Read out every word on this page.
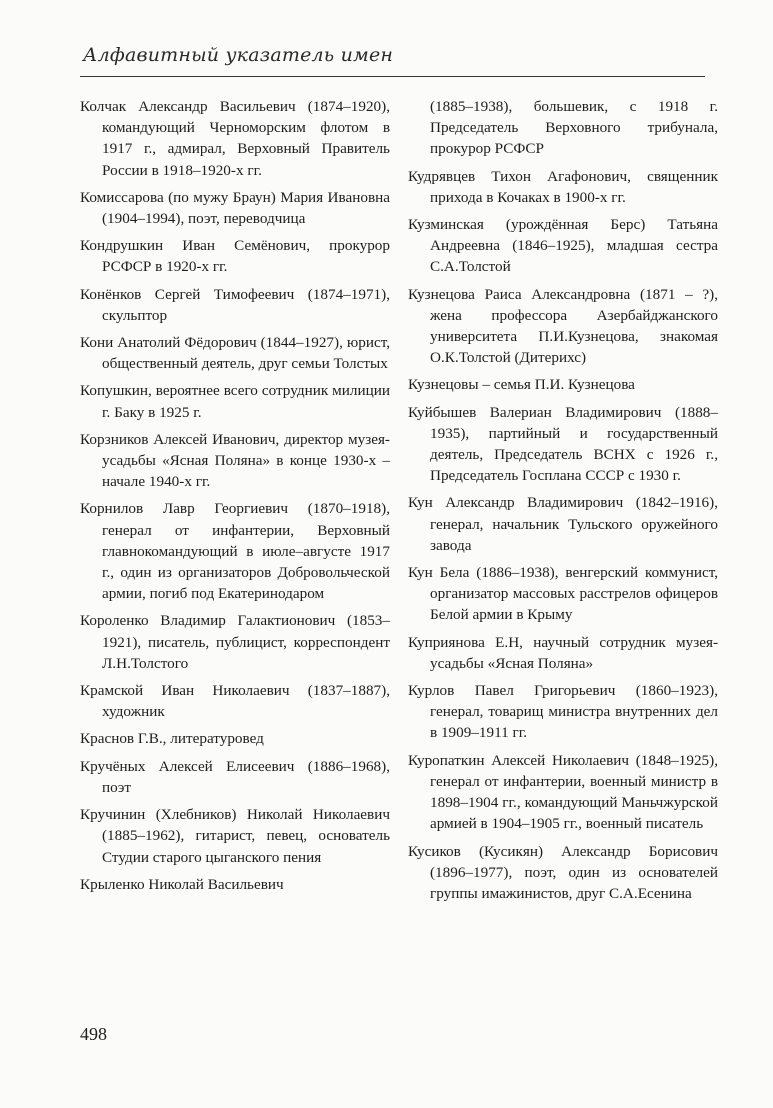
Алфавитный указатель имен

Колчак Александр Васильевич (1874–1920), командующий Черноморским флотом в 1917 г., адмирал, Верховный Правитель России в 1918–1920-х гг.

Комиссарова (по мужу Браун) Мария Ивановна (1904–1994), поэт, переводчица

Кондрушкин Иван Семёнович, прокурор РСФСР в 1920-х гг.

Конёнков Сергей Тимофеевич (1874–1971), скульптор

Кони Анатолий Фёдорович (1844–1927), юрист, общественный деятель, друг семьи Толстых

Копушкин, вероятнее всего сотрудник милиции г. Баку в 1925 г.

Корзников Алексей Иванович, директор музея-усадьбы «Ясная Поляна» в конце 1930-х – начале 1940-х гг.

Корнилов Лавр Георгиевич (1870–1918), генерал от инфантерии, Верховный главнокомандующий в июле–августе 1917 г., один из организаторов Добровольческой армии, погиб под Екатеринодаром

Короленко Владимир Галактионович (1853–1921), писатель, публицист, корреспондент Л.Н.Толстого

Крамской Иван Николаевич (1837–1887), художник

Краснов Г.В., литературовед

Кручёных Алексей Елисеевич (1886–1968), поэт

Кручинин (Хлебников) Николай Николаевич (1885–1962), гитарист, певец, основатель Студии старого цыганского пения

Крыленко Николай Васильевич

(1885–1938), большевик, с 1918 г. Председатель Верховного трибунала, прокурор РСФСР

Кудрявцев Тихон Агафонович, священник прихода в Кочаках в 1900-х гг.

Кузминская (урождённая Берс) Татьяна Андреевна (1846–1925), младшая сестра С.А.Толстой

Кузнецова Раиса Александровна (1871 – ?), жена профессора Азербайджанского университета П.И.Кузнецова, знакомая О.К.Толстой (Дитерихс)

Кузнецовы – семья П.И. Кузнецова

Куйбышев Валериан Владимирович (1888–1935), партийный и государственный деятель, Председатель ВСНХ с 1926 г., Председатель Госплана СССР с 1930 г.

Кун Александр Владимирович (1842–1916), генерал, начальник Тульского оружейного завода

Кун Бела (1886–1938), венгерский коммунист, организатор массовых расстрелов офицеров Белой армии в Крыму

Куприянова Е.Н, научный сотрудник музея-усадьбы «Ясная Поляна»

Курлов Павел Григорьевич (1860–1923), генерал, товарищ министра внутренних дел в 1909–1911 гг.

Куропаткин Алексей Николаевич (1848–1925), генерал от инфантерии, военный министр в 1898–1904 гг., командующий Маньчжурской армией в 1904–1905 гг., военный писатель

Кусиков (Кусикян) Александр Борисович (1896–1977), поэт, один из основателей группы имажинистов, друг С.А.Есенина

498
